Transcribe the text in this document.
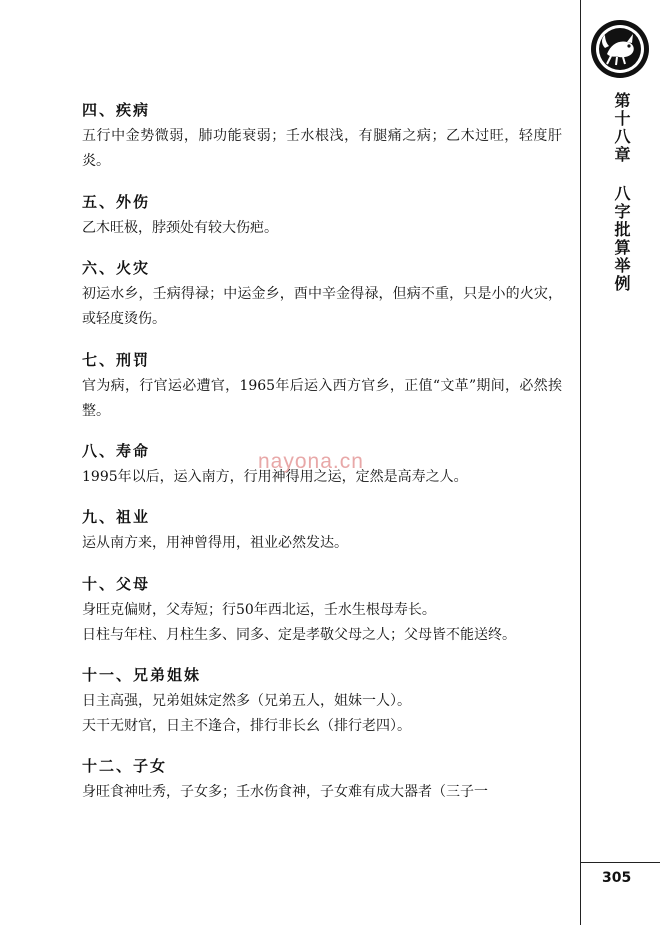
四、疾病

五行中金势微弱，肺功能衰弱；壬水根浅，有腿痛之病；乙木过旺，轻度肝炎。

五、外伤

乙木旺极，脖颈处有较大伤疤。

六、火灾

初运水乡，壬病得禄；中运金乡，酉中辛金得禄，但病不重，只是小的火灾，或轻度烫伤。

七、刑罚

官为病，行官运必遭官，1965年后运入西方官乡，正值“文革”期间，必然挨整。

八、寿命

1995年以后，运入南方，行用神得用之运，定然是高寿之人。

九、祖业

运从南方来，用神曾得用，祖业必然发达。

十、父母

身旺克偏财，父寿短；行50年西北运，壬水生根母寿长。

日柱与年柱、月柱生多、同多、定是孝敬父母之人；父母皆不能送终。

十一、兄弟姐妹

日主高强，兄弟姐妹定然多（兄弟五人，姐妹一人）。

天干无财官，日主不逢合，排行非长幺（排行老四）。

十二、子女

身旺食神吐秀，子女多；壬水伤食神，子女难有成大器者（三子一

第十八章 八字批算举例
305
nayona.cn
